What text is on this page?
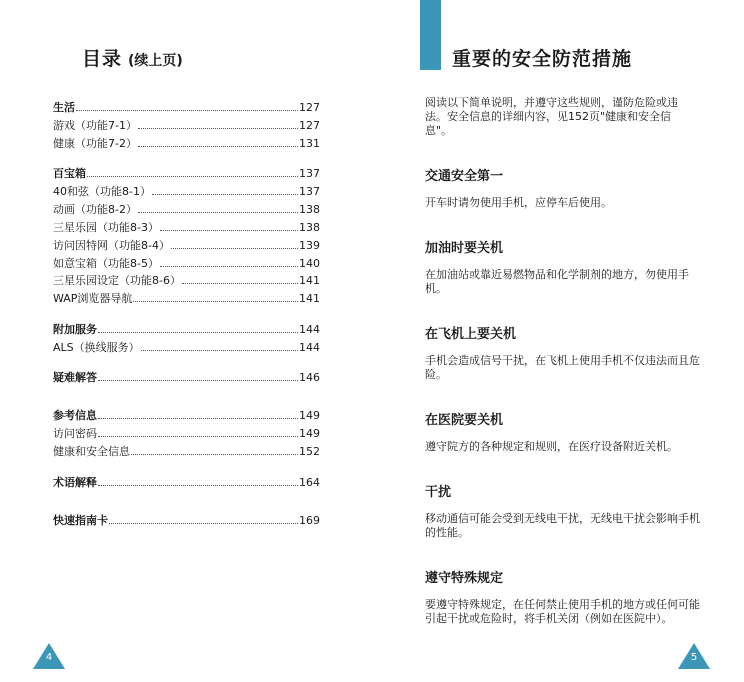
目录 (续上页)
生活	127
游戏（功能7-1）	127
健康（功能7-2）	131
百宝箱	137
40和弦（功能8-1）	137
动画（功能8-2）	138
三星乐园（功能8-3）	138
访问因特网（功能8-4）	139
如意宝箱（功能8-5）	140
三星乐园设定（功能8-6）	141
WAP浏览器导航	141
附加服务	144
ALS（换线服务）	144
疑难解答	146
参考信息	149
访问密码	149
健康和安全信息	152
术语解释	164
快速指南卡	169
4
重要的安全防范措施
阅读以下简单说明，并遵守这些规则，谨防危险或违法。安全信息的详细内容，见152页"健康和安全信息"。
交通安全第一

开车时请勿使用手机，应停车后使用。

加油时要关机

在加油站或靠近易燃物品和化学制剂的地方，勿使用手机。

在飞机上要关机

手机会造成信号干扰，在飞机上使用手机不仅违法而且危险。

在医院要关机

遵守院方的各种规定和规则，在医疗设备附近关机。

干扰

移动通信可能会受到无线电干扰，无线电干扰会影响手机的性能。

遵守特殊规定

要遵守特殊规定，在任何禁止使用手机的地方或任何可能引起干扰或危险时，将手机关闭（例如在医院中）。

5
